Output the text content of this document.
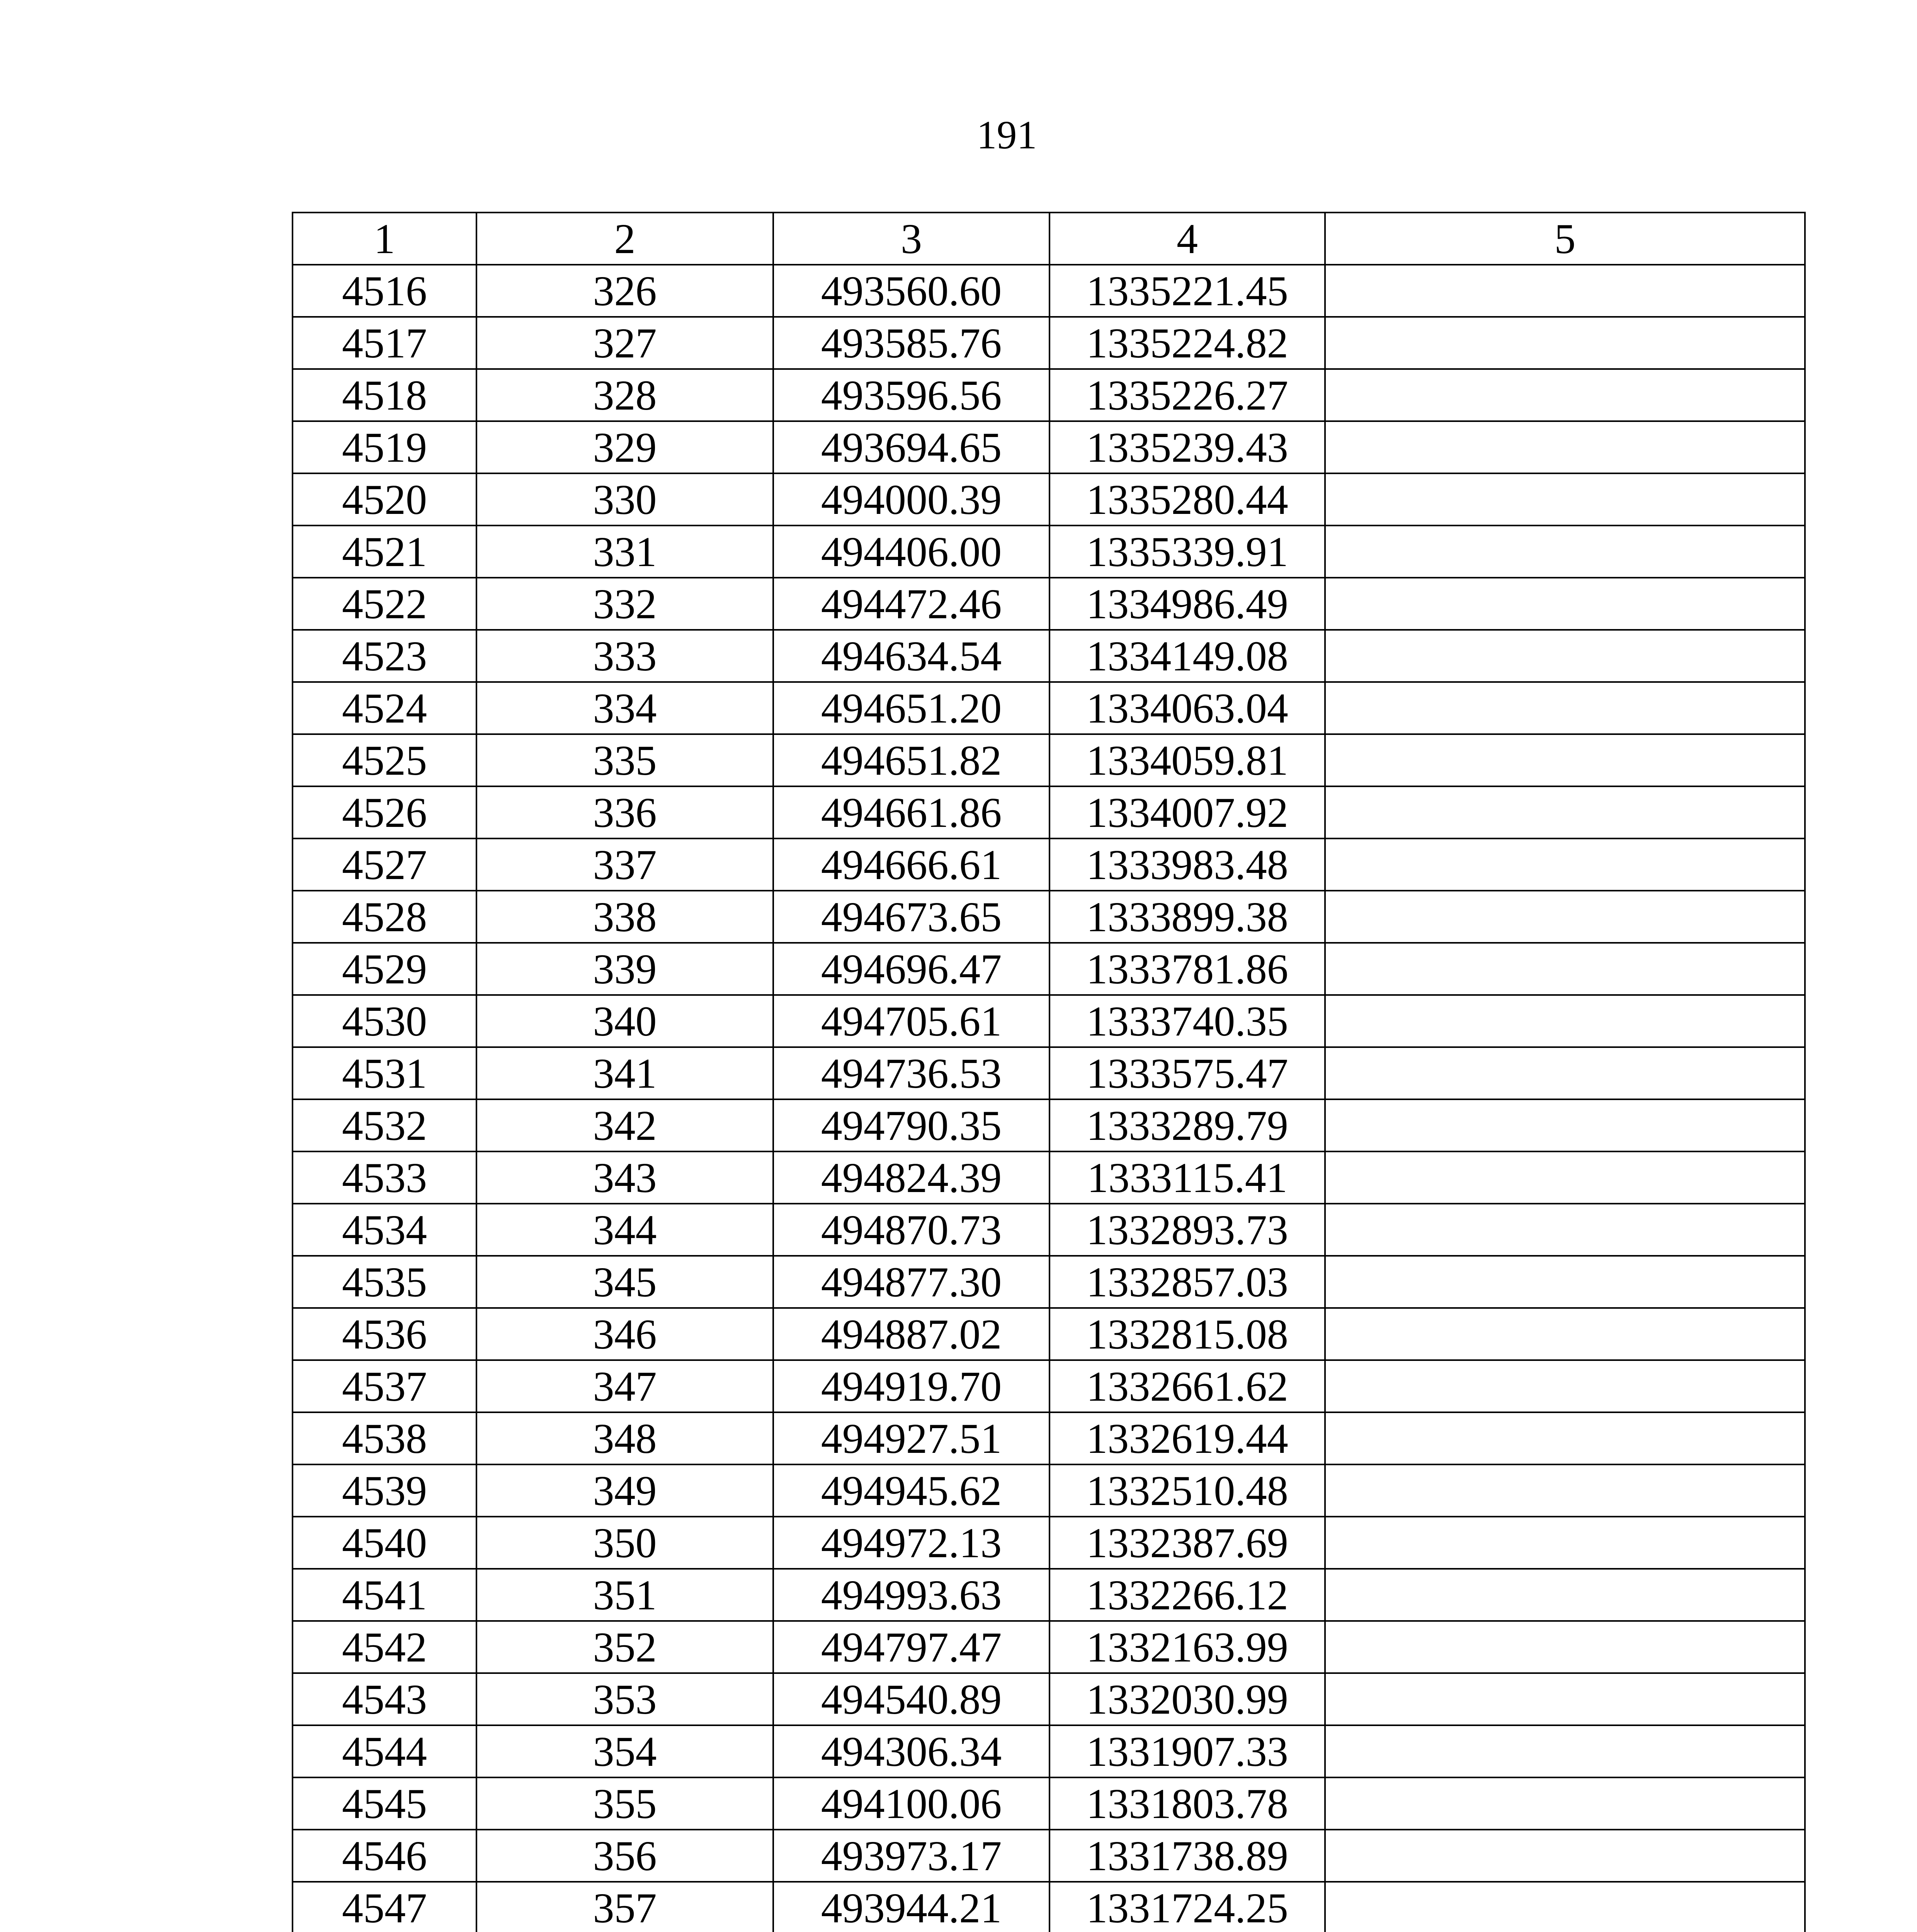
191
1	2	3	4	5
4516	326	493560.60	1335221.45	
4517	327	493585.76	1335224.82	
4518	328	493596.56	1335226.27	
4519	329	493694.65	1335239.43	
4520	330	494000.39	1335280.44	
4521	331	494406.00	1335339.91	
4522	332	494472.46	1334986.49	
4523	333	494634.54	1334149.08	
4524	334	494651.20	1334063.04	
4525	335	494651.82	1334059.81	
4526	336	494661.86	1334007.92	
4527	337	494666.61	1333983.48	
4528	338	494673.65	1333899.38	
4529	339	494696.47	1333781.86	
4530	340	494705.61	1333740.35	
4531	341	494736.53	1333575.47	
4532	342	494790.35	1333289.79	
4533	343	494824.39	1333115.41	
4534	344	494870.73	1332893.73	
4535	345	494877.30	1332857.03	
4536	346	494887.02	1332815.08	
4537	347	494919.70	1332661.62	
4538	348	494927.51	1332619.44	
4539	349	494945.62	1332510.48	
4540	350	494972.13	1332387.69	
4541	351	494993.63	1332266.12	
4542	352	494797.47	1332163.99	
4543	353	494540.89	1332030.99	
4544	354	494306.34	1331907.33	
4545	355	494100.06	1331803.78	
4546	356	493973.17	1331738.89	
4547	357	493944.21	1331724.25	
